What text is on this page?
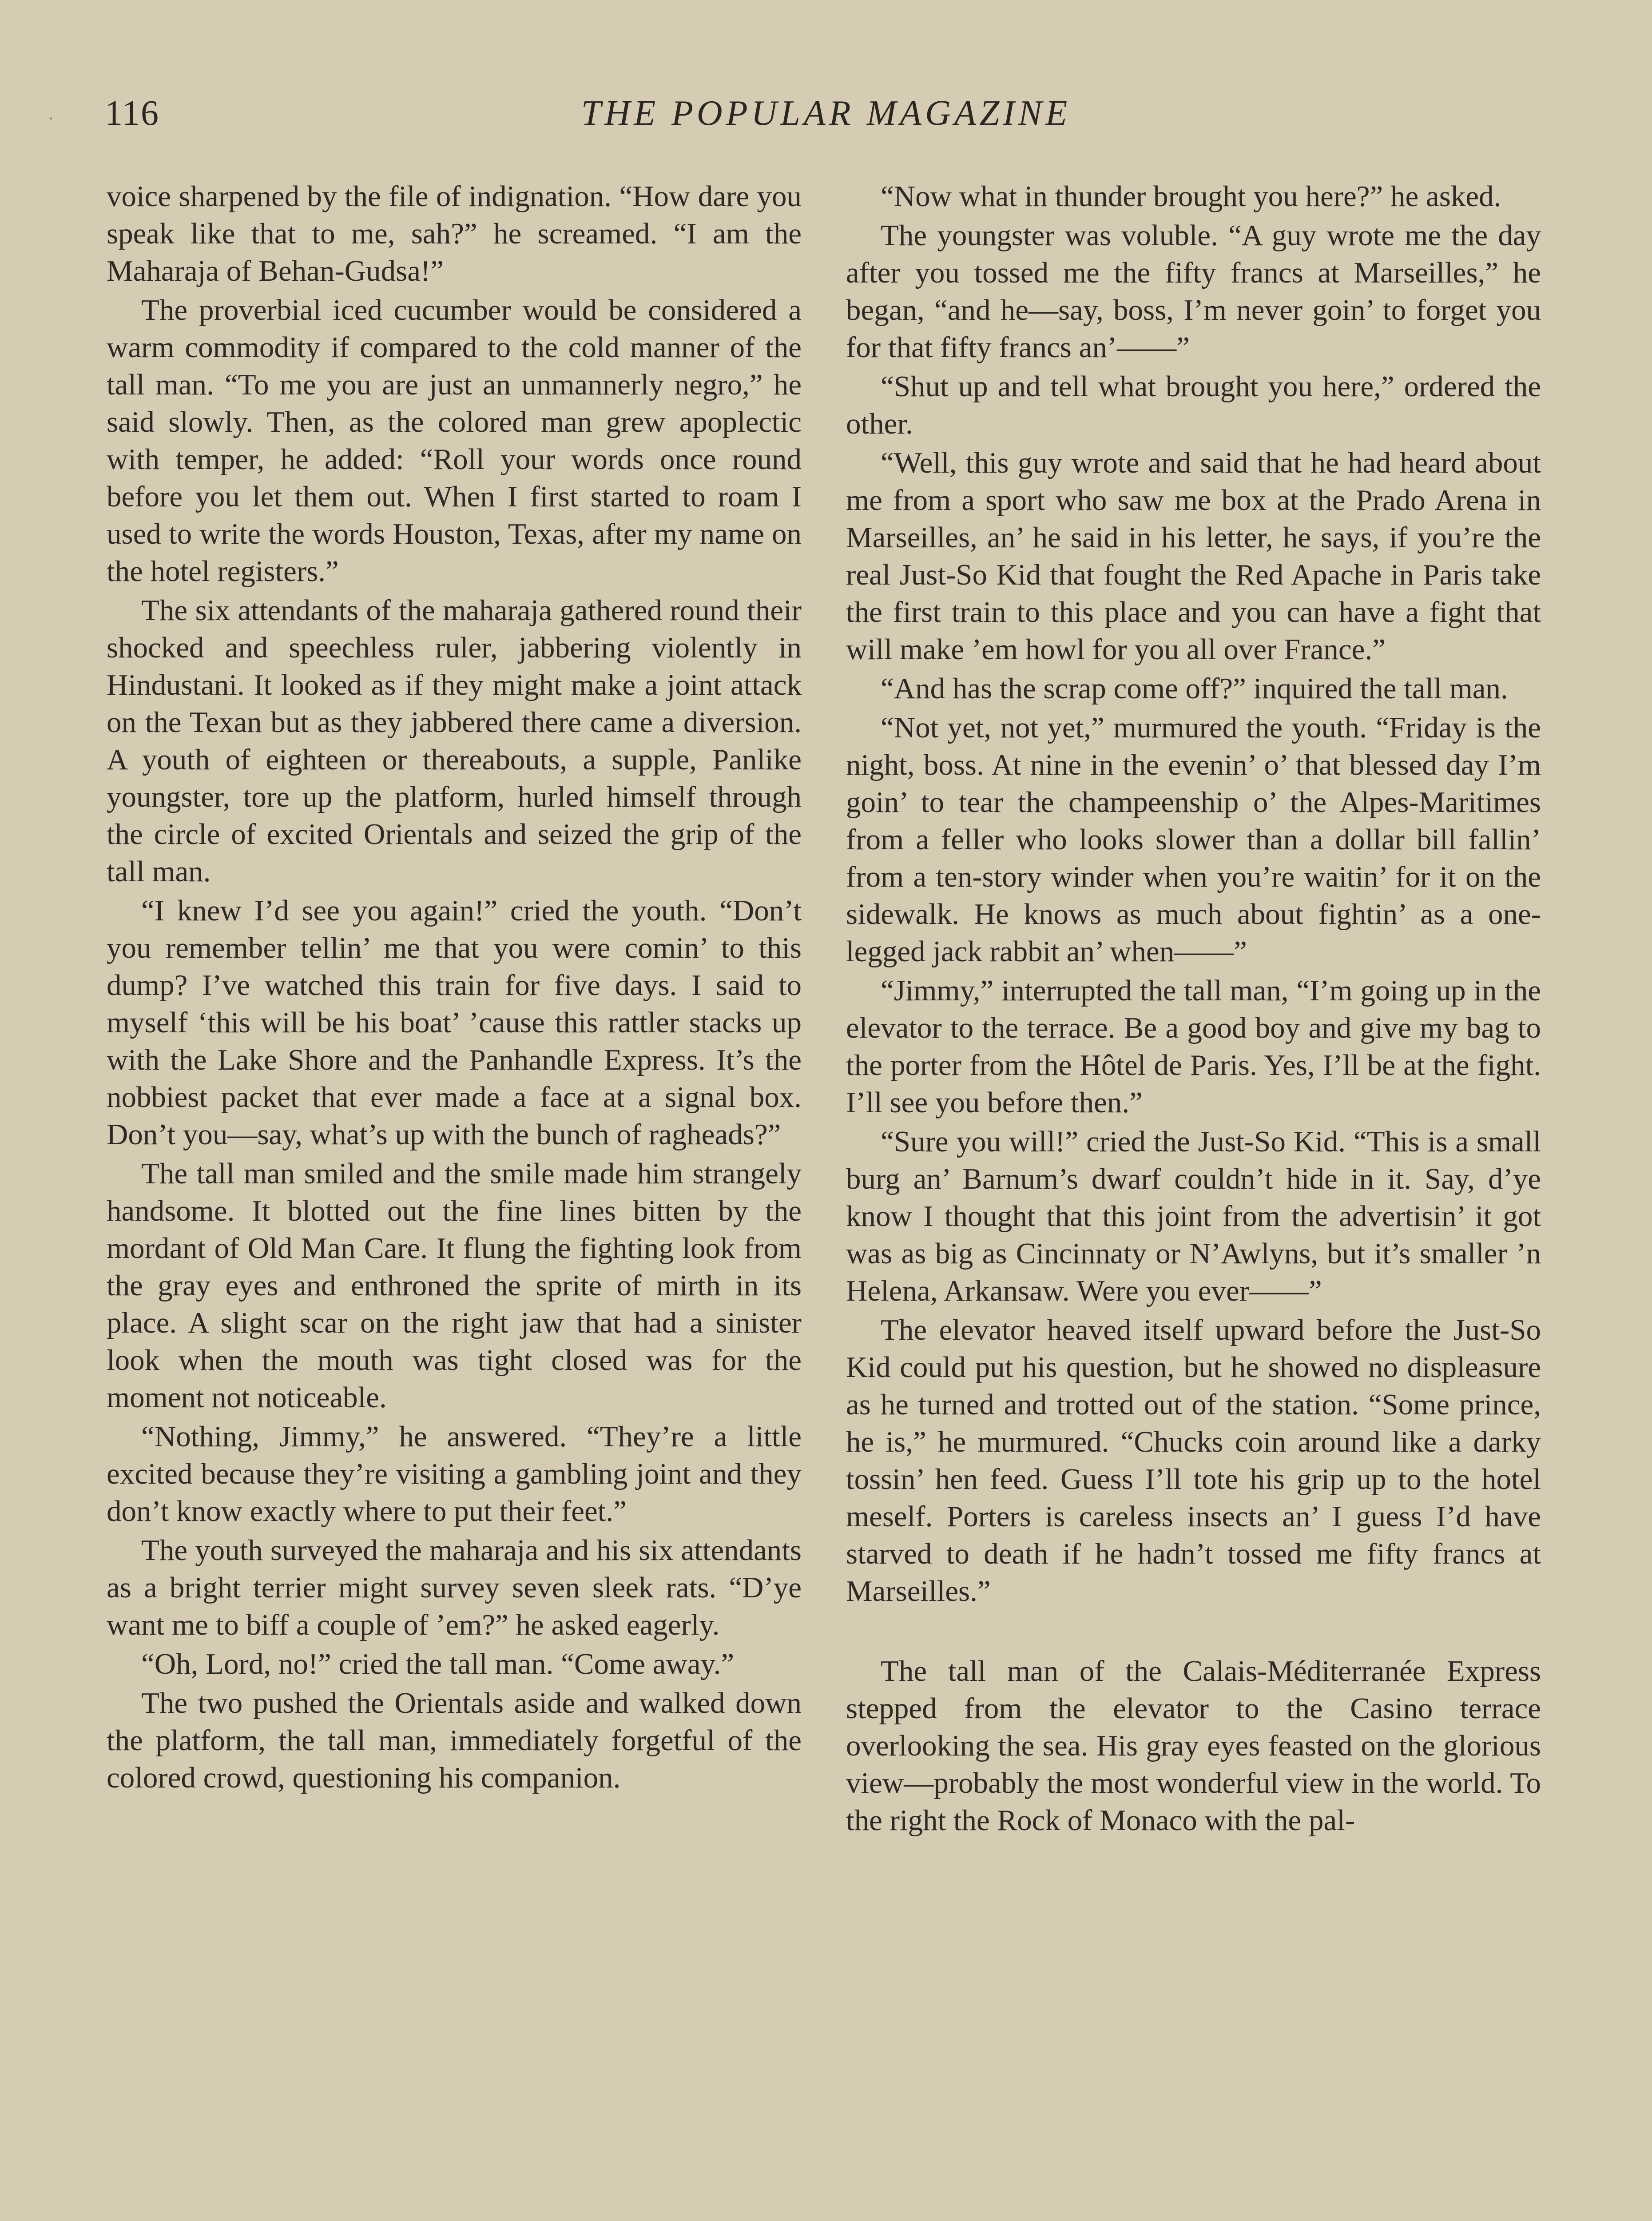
· 116	THE POPULAR MAGAZINE

voice sharpened by the file of indignation. “How dare you speak like that to me, sah?” he screamed. “I am the Maharaja of Behan-Gudsa!”

The proverbial iced cucumber would be considered a warm commodity if compared to the cold manner of the tall man. “To me you are just an unmannerly negro,” he said slowly. Then, as the colored man grew apoplectic with temper, he added: “Roll your words once round before you let them out. When I first started to roam I used to write the words Houston, Texas, after my name on the hotel registers.”

The six attendants of the maharaja gathered round their shocked and speechless ruler, jabbering violently in Hindustani. It looked as if they might make a joint attack on the Texan but as they jabbered there came a diversion. A youth of eighteen or thereabouts, a supple, Panlike youngster, tore up the platform, hurled himself through the circle of excited Orientals and seized the grip of the tall man.

“I knew I’d see you again!” cried the youth. “Don’t you remember tellin’ me that you were comin’ to this dump? I’ve watched this train for five days. I said to myself ‘this will be his boat’ ’cause this rattler stacks up with the Lake Shore and the Panhandle Express. It’s the nobbiest packet that ever made a face at a signal box. Don’t you—say, what’s up with the bunch of ragheads?”

The tall man smiled and the smile made him strangely handsome. It blotted out the fine lines bitten by the mordant of Old Man Care. It flung the fighting look from the gray eyes and enthroned the sprite of mirth in its place. A slight scar on the right jaw that had a sinister look when the mouth was tight closed was for the moment not noticeable.

“Nothing, Jimmy,” he answered. “They’re a little excited because they’re visiting a gambling joint and they don’t know exactly where to put their feet.”

The youth surveyed the maharaja and his six attendants as a bright terrier might survey seven sleek rats. “D’ye want me to biff a couple of ’em?” he asked eagerly.

“Oh, Lord, no!” cried the tall man. “Come away.”

The two pushed the Orientals aside and walked down the platform, the tall man, immediately forgetful of the colored crowd, questioning his companion.

“Now what in thunder brought you here?” he asked.

The youngster was voluble. “A guy wrote me the day after you tossed me the fifty francs at Marseilles,” he began, “and he—say, boss, I’m never goin’ to forget you for that fifty francs an’——”

“Shut up and tell what brought you here,” ordered the other.

“Well, this guy wrote and said that he had heard about me from a sport who saw me box at the Prado Arena in Marseilles, an’ he said in his letter, he says, if you’re the real Just-So Kid that fought the Red Apache in Paris take the first train to this place and you can have a fight that will make ’em howl for you all over France.”

“And has the scrap come off?” inquired the tall man.

“Not yet, not yet,” murmured the youth. “Friday is the night, boss. At nine in the evenin’ o’ that blessed day I’m goin’ to tear the champeenship o’ the Alpes-Maritimes from a feller who looks slower than a dollar bill fallin’ from a ten-story winder when you’re waitin’ for it on the sidewalk. He knows as much about fightin’ as a one-legged jack rabbit an’ when——”

“Jimmy,” interrupted the tall man, “I’m going up in the elevator to the terrace. Be a good boy and give my bag to the porter from the Hôtel de Paris. Yes, I’ll be at the fight. I’ll see you before then.”

“Sure you will!” cried the Just-So Kid. “This is a small burg an’ Barnum’s dwarf couldn’t hide in it. Say, d’ye know I thought that this joint from the advertisin’ it got was as big as Cincinnaty or N’Awlyns, but it’s smaller ’n Helena, Arkansaw. Were you ever——”

The elevator heaved itself upward before the Just-So Kid could put his question, but he showed no displeasure as he turned and trotted out of the station. “Some prince, he is,” he murmured. “Chucks coin around like a darky tossin’ hen feed. Guess I’ll tote his grip up to the hotel meself. Porters is careless insects an’ I guess I’d have starved to death if he hadn’t tossed me fifty francs at Marseilles.”

The tall man of the Calais-Méditerranée Express stepped from the elevator to the Casino terrace overlooking the sea. His gray eyes feasted on the glorious view—probably the most wonderful view in the world. To the right the Rock of Monaco with the pal-
